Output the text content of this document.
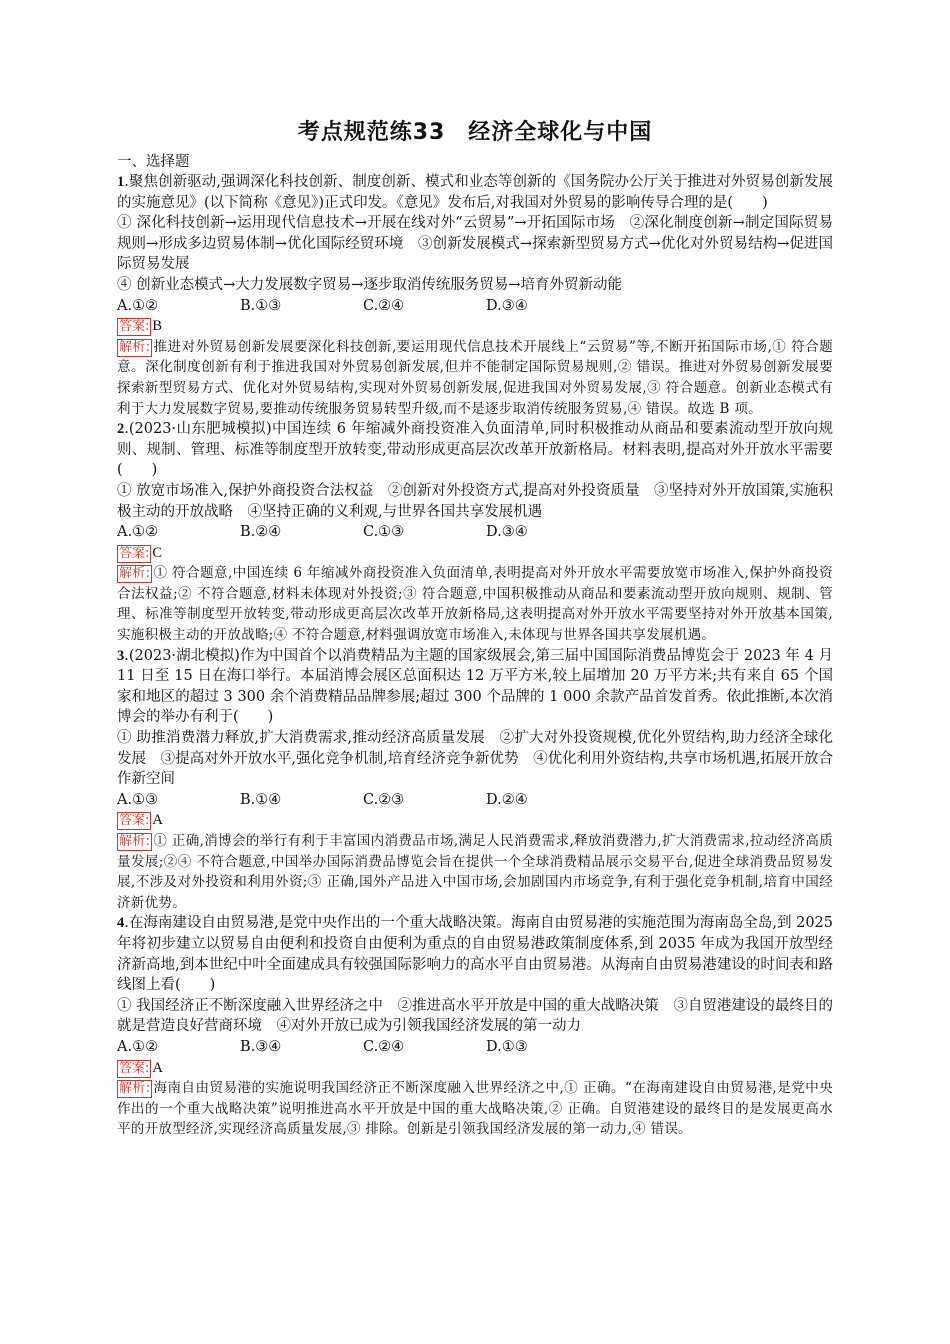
考点规范练33　经济全球化与中国
一、选择题
1.聚焦创新驱动,强调深化科技创新、制度创新、模式和业态等创新的《国务院办公厅关于推进对外贸易创新发展的实施意见》(以下简称《意见》)正式印发。《意见》发布后,对我国对外贸易的影响传导合理的是(　　)
① 深化科技创新→运用现代信息技术→开展在线对外“云贸易”→开拓国际市场　②深化制度创新→制定国际贸易规则→形成多边贸易体制→优化国际经贸环境　③创新发展模式→探索新型贸易方式→优化对外贸易结构→促进国际贸易发展
④ 创新业态模式→大力发展数字贸易→逐步取消传统服务贸易→培育外贸新动能
A.①②	B.①③	C.②④	D.③④
答案: B
解析: 推进对外贸易创新发展要深化科技创新,要运用现代信息技术开展线上“云贸易”等,不断开拓国际市场,① 符合题意。深化制度创新有利于推进我国对外贸易创新发展,但并不能制定国际贸易规则,② 错误。推进对外贸易创新发展要探索新型贸易方式、优化对外贸易结构,实现对外贸易创新发展,促进我国对外贸易发展,③ 符合题意。创新业态模式有利于大力发展数字贸易,要推动传统服务贸易转型升级,而不是逐步取消传统服务贸易,④ 错误。故选 B 项。
2.(2023·山东肥城模拟)中国连续 6 年缩减外商投资准入负面清单,同时积极推动从商品和要素流动型开放向规则、规制、管理、标准等制度型开放转变,带动形成更高层次改革开放新格局。材料表明,提高对外开放水平需要(　　)
① 放宽市场准入,保护外商投资合法权益　②创新对外投资方式,提高对外投资质量　③坚持对外开放国策,实施积极主动的开放战略　④坚持正确的义利观,与世界各国共享发展机遇
A.①②	B.②④	C.①③	D.③④
答案: C
解析: ① 符合题意,中国连续 6 年缩减外商投资准入负面清单,表明提高对外开放水平需要放宽市场准入,保护外商投资合法权益;② 不符合题意,材料未体现对外投资;③ 符合题意,中国积极推动从商品和要素流动型开放向规则、规制、管理、标准等制度型开放转变,带动形成更高层次改革开放新格局,这表明提高对外开放水平需要坚持对外开放基本国策,实施积极主动的开放战略;④ 不符合题意,材料强调放宽市场准入,未体现与世界各国共享发展机遇。
3.(2023·湖北模拟)作为中国首个以消费精品为主题的国家级展会,第三届中国国际消费品博览会于 2023 年 4 月 11 日至 15 日在海口举行。本届消博会展区总面积达 12 万平方米,较上届增加 20 万平方米;共有来自 65 个国家和地区的超过 3 300 余个消费精品品牌参展;超过 300 个品牌的 1 000 余款产品首发首秀。依此推断,本次消博会的举办有利于(　　)
① 助推消费潜力释放,扩大消费需求,推动经济高质量发展　②扩大对外投资规模,优化外贸结构,助力经济全球化发展　③提高对外开放水平,强化竞争机制,培育经济竞争新优势　④优化利用外资结构,共享市场机遇,拓展开放合作新空间
A.①③	B.①④	C.②③	D.②④
答案: A
解析: ① 正确,消博会的举行有利于丰富国内消费品市场,满足人民消费需求,释放消费潜力,扩大消费需求,拉动经济高质量发展;②④ 不符合题意,中国举办国际消费品博览会旨在提供一个全球消费精品展示交易平台,促进全球消费品贸易发展,不涉及对外投资和利用外资;③ 正确,国外产品进入中国市场,会加剧国内市场竞争,有利于强化竞争机制,培育中国经济新优势。
4.在海南建设自由贸易港,是党中央作出的一个重大战略决策。海南自由贸易港的实施范围为海南岛全岛,到 2025 年将初步建立以贸易自由便利和投资自由便利为重点的自由贸易港政策制度体系,到 2035 年成为我国开放型经济新高地,到本世纪中叶全面建成具有较强国际影响力的高水平自由贸易港。从海南自由贸易港建设的时间表和路线图上看(　　)
① 我国经济正不断深度融入世界经济之中　②推进高水平开放是中国的重大战略决策　③自贸港建设的最终目的就是营造良好营商环境　④对外开放已成为引领我国经济发展的第一动力
A.①②	B.③④	C.②④	D.①③
答案: A
解析: 海南自由贸易港的实施说明我国经济正不断深度融入世界经济之中,① 正确。“在海南建设自由贸易港,是党中央作出的一个重大战略决策”说明推进高水平开放是中国的重大战略决策,② 正确。自贸港建设的最终目的是发展更高水平的开放型经济,实现经济高质量发展,③ 排除。创新是引领我国经济发展的第一动力,④ 错误。
